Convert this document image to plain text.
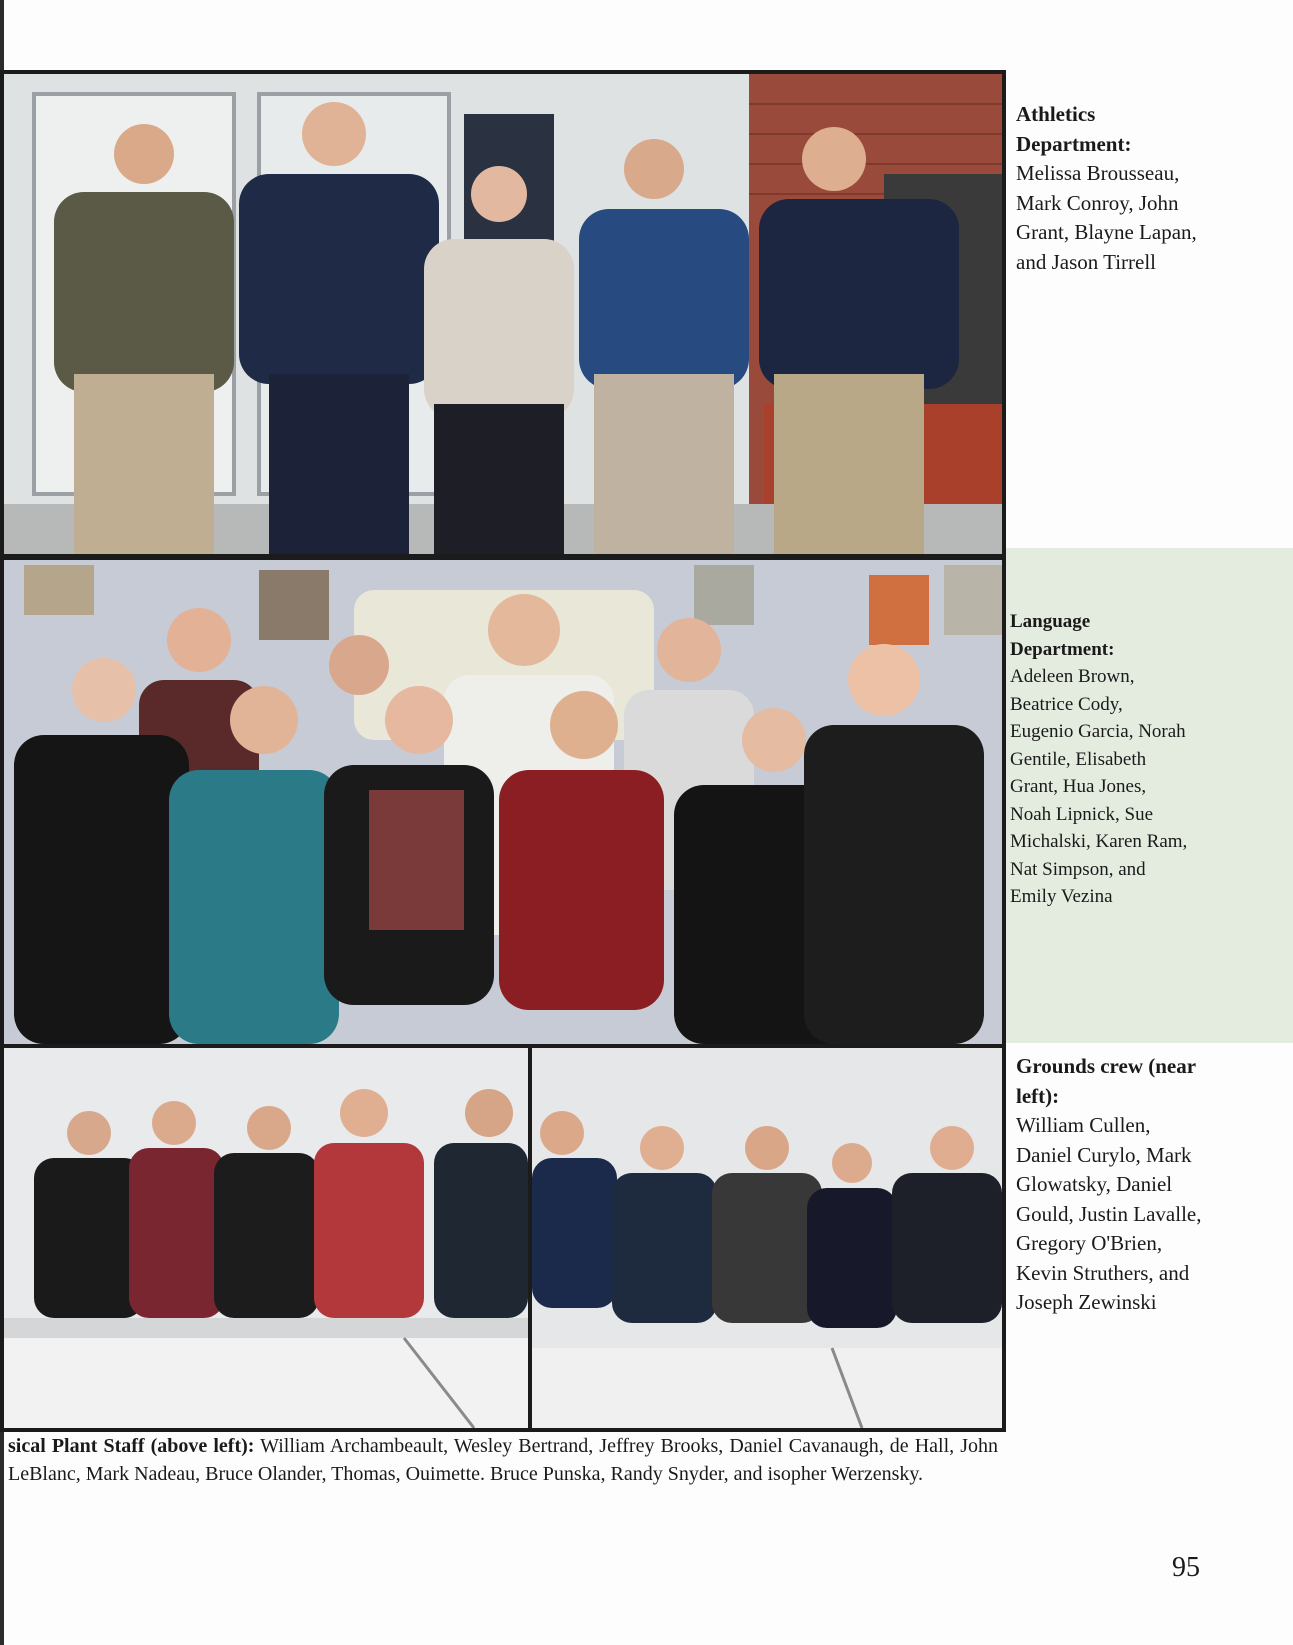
Athletics Department:
Melissa Brousseau, Mark Conroy, John Grant, Blayne Lapan, and Jason Tirrell
Language Department:
Adeleen Brown, Beatrice Cody, Eugenio Garcia, Norah Gentile, Elisabeth Grant, Hua Jones, Noah Lipnick, Sue Michalski, Karen Ram, Nat Simpson, and Emily Vezina
Grounds crew (near left):
William Cullen, Daniel Curylo, Mark Glowatsky, Daniel Gould, Justin Lavalle, Gregory O'Brien, Kevin Struthers, and Joseph Zewinski
sical Plant Staff (above left): William Archambeault, Wesley Bertrand, Jeffrey Brooks, Daniel Cavanaugh, de Hall, John LeBlanc, Mark Nadeau, Bruce Olander, Thomas, Ouimette. Bruce Punska, Randy Snyder, and isopher Werzensky.
95
